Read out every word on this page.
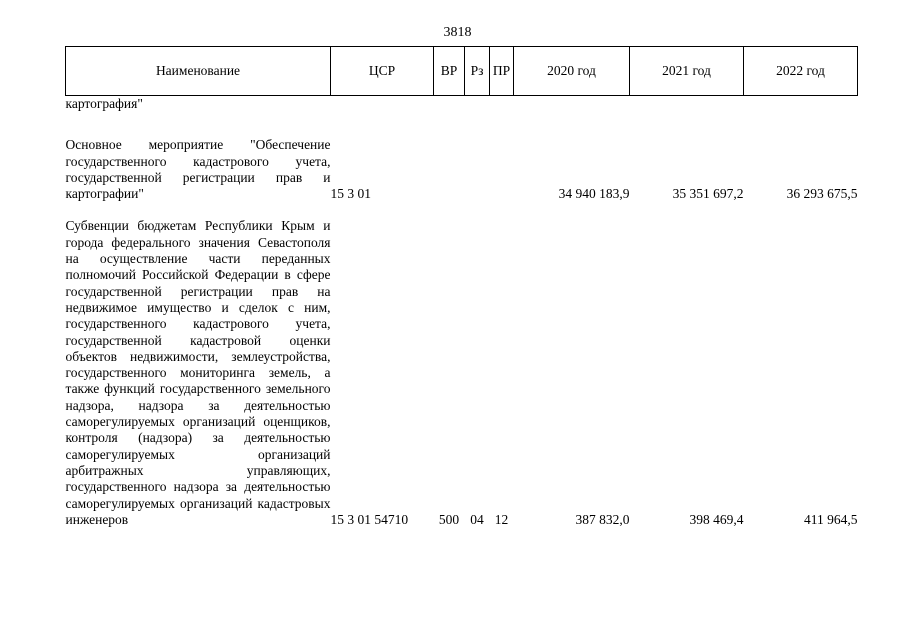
3818
Наименование	ЦСР	ВР	Рз	ПР	2020 год	2021 год	2022 год
картография"							

Основное мероприятие "Обеспечение государственного кадастрового учета, государственной регистрации прав и картографии"	15 3 01				34 940 183,9	35 351 697,2	36 293 675,5

Субвенции бюджетам Республики Крым и города федерального значения Севастополя на осуществление части переданных полномочий Российской Федерации в сфере государственной регистрации прав на недвижимое имущество и сделок с ним, государственного кадастрового учета, государственной кадастровой оценки объектов недвижимости, землеустройства, государственного мониторинга земель, а также функций государственного земельного надзора, надзора за деятельностью саморегулируемых организаций оценщиков, контроля (надзора) за деятельностью саморегулируемых организаций арбитражных управляющих, государственного надзора за деятельностью саморегулируемых организаций кадастровых инженеров	15 3 01 54710	500	04	12	387 832,0	398 469,4	411 964,5
